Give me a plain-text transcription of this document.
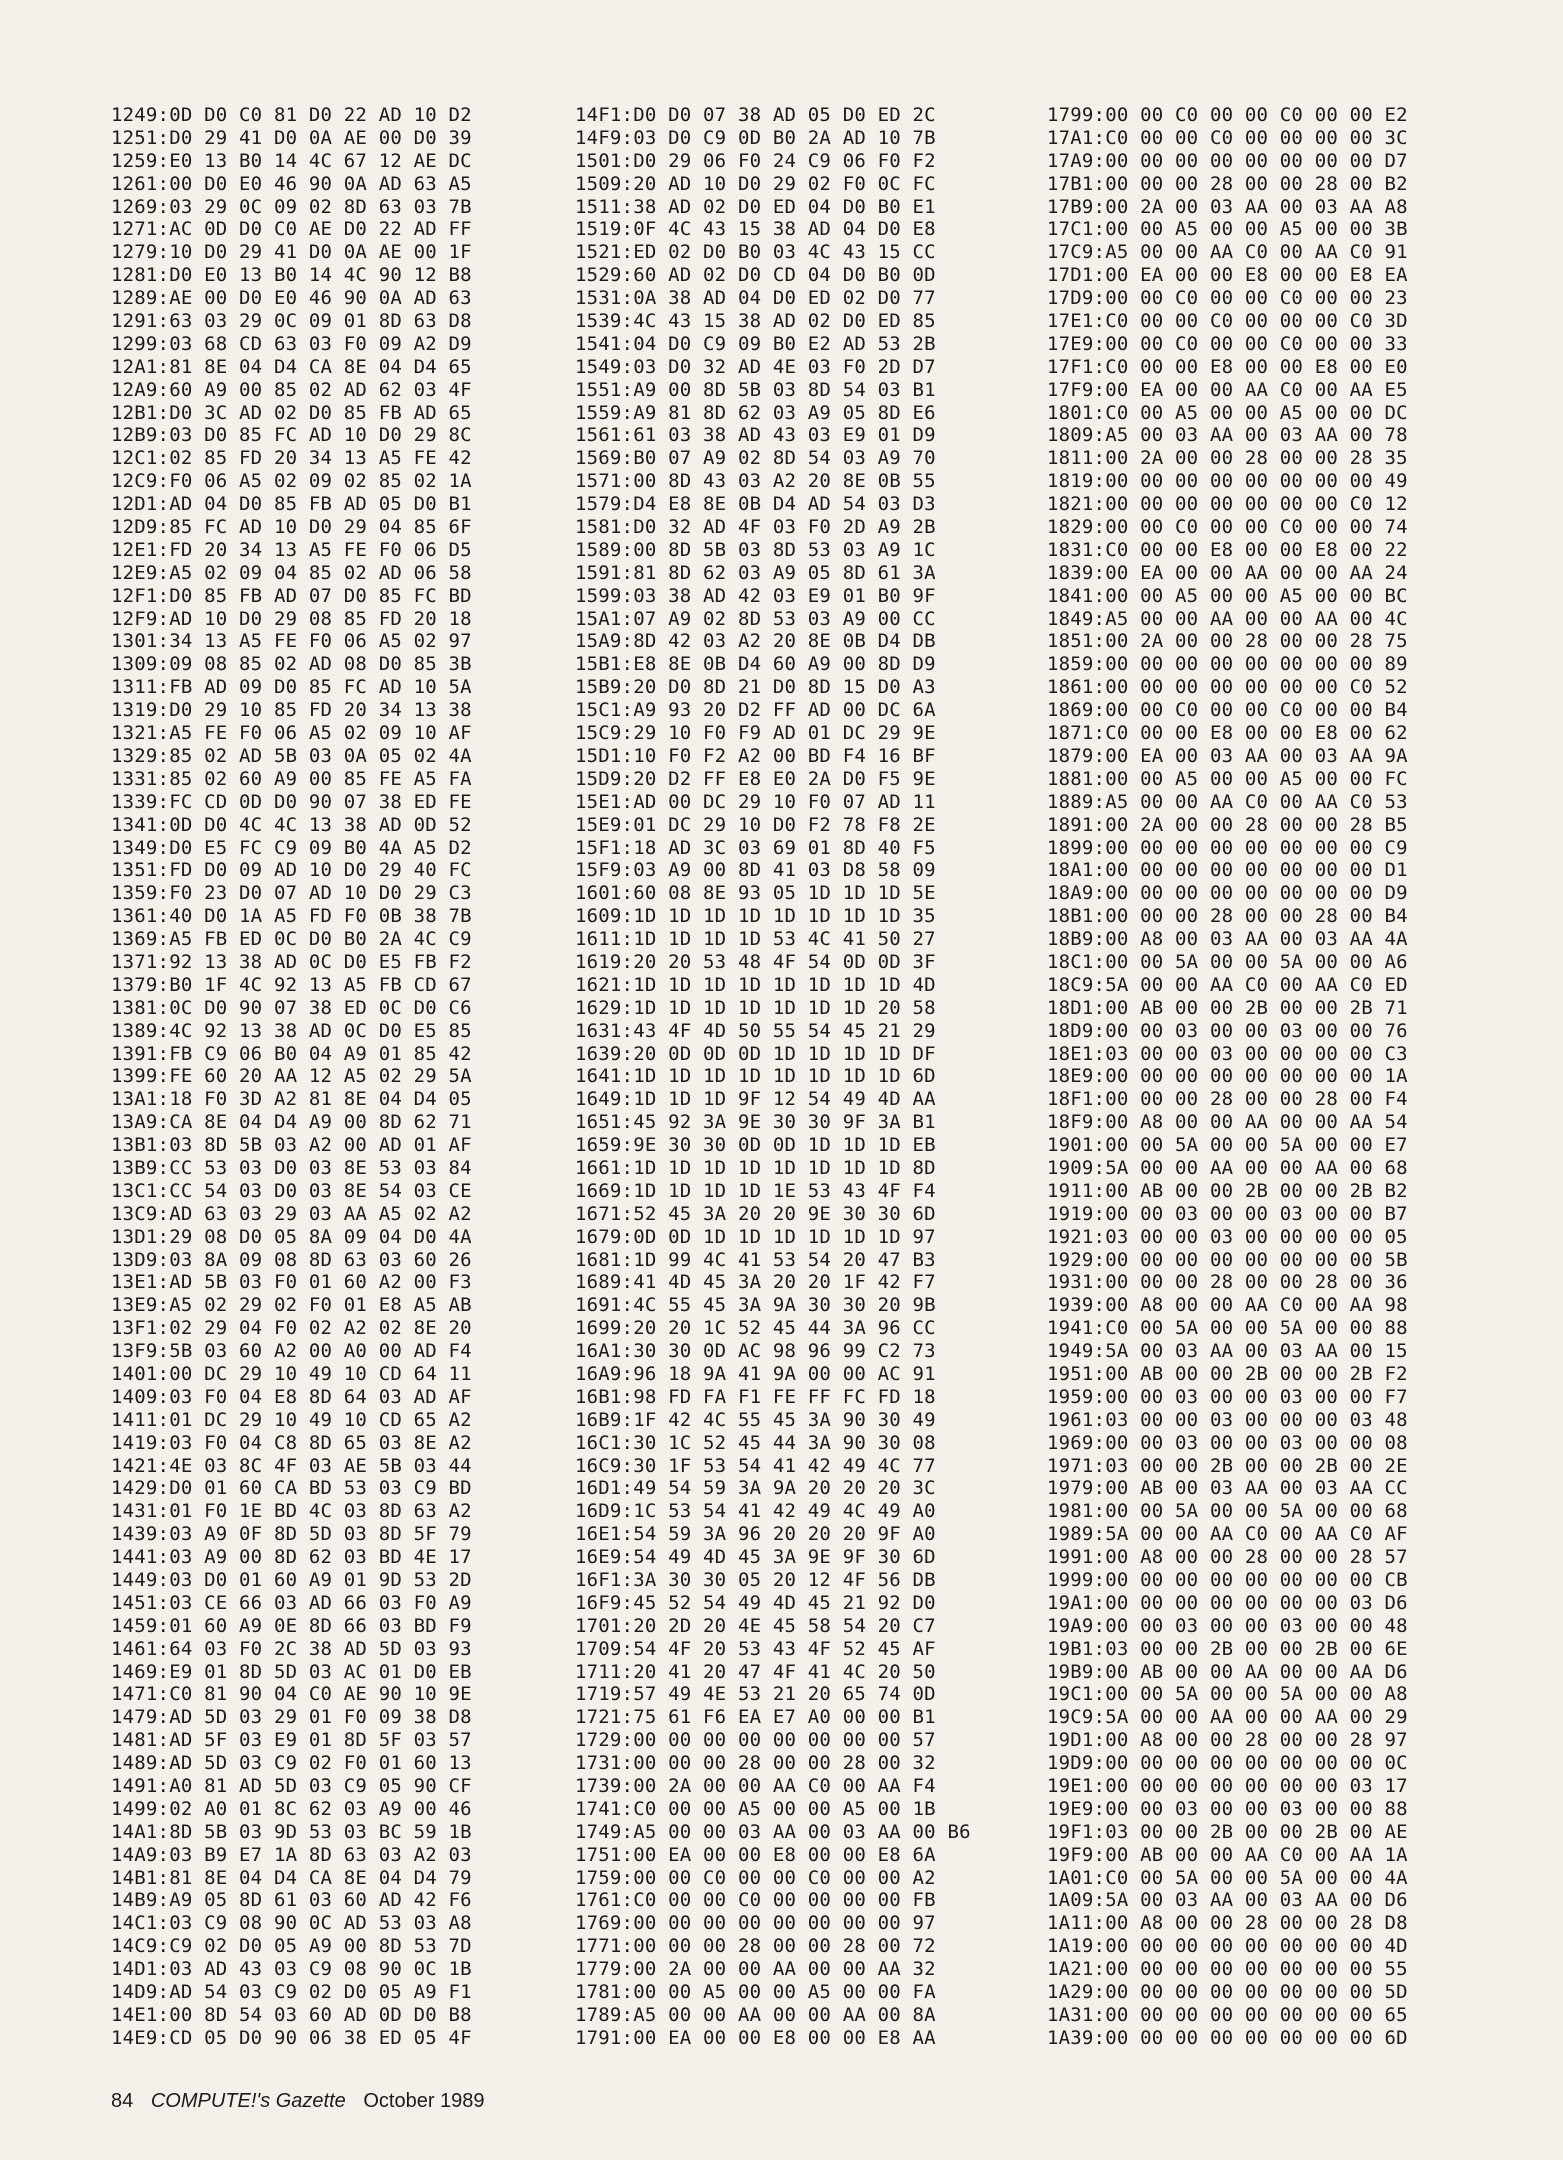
1249:0D D0 C0 81 D0 22 AD 10 D2
1251:D0 29 41 D0 0A AE 00 D0 39
1259:E0 13 B0 14 4C 67 12 AE DC
1261:00 D0 E0 46 90 0A AD 63 A5
1269:03 29 0C 09 02 8D 63 03 7B
1271:AC 0D D0 C0 AE D0 22 AD FF
1279:10 D0 29 41 D0 0A AE 00 1F
1281:D0 E0 13 B0 14 4C 90 12 B8
1289:AE 00 D0 E0 46 90 0A AD 63
1291:63 03 29 0C 09 01 8D 63 D8
1299:03 68 CD 63 03 F0 09 A2 D9
12A1:81 8E 04 D4 CA 8E 04 D4 65
12A9:60 A9 00 85 02 AD 62 03 4F
12B1:D0 3C AD 02 D0 85 FB AD 65
12B9:03 D0 85 FC AD 10 D0 29 8C
12C1:02 85 FD 20 34 13 A5 FE 42
12C9:F0 06 A5 02 09 02 85 02 1A
12D1:AD 04 D0 85 FB AD 05 D0 B1
12D9:85 FC AD 10 D0 29 04 85 6F
12E1:FD 20 34 13 A5 FE F0 06 D5
12E9:A5 02 09 04 85 02 AD 06 58
12F1:D0 85 FB AD 07 D0 85 FC BD
12F9:AD 10 D0 29 08 85 FD 20 18
1301:34 13 A5 FE F0 06 A5 02 97
1309:09 08 85 02 AD 08 D0 85 3B
1311:FB AD 09 D0 85 FC AD 10 5A
1319:D0 29 10 85 FD 20 34 13 38
1321:A5 FE F0 06 A5 02 09 10 AF
1329:85 02 AD 5B 03 0A 05 02 4A
1331:85 02 60 A9 00 85 FE A5 FA
1339:FC CD 0D D0 90 07 38 ED FE
1341:0D D0 4C 4C 13 38 AD 0D 52
1349:D0 E5 FC C9 09 B0 4A A5 D2
1351:FD D0 09 AD 10 D0 29 40 FC
1359:F0 23 D0 07 AD 10 D0 29 C3
1361:40 D0 1A A5 FD F0 0B 38 7B
1369:A5 FB ED 0C D0 B0 2A 4C C9
1371:92 13 38 AD 0C D0 E5 FB F2
1379:B0 1F 4C 92 13 A5 FB CD 67
1381:0C D0 90 07 38 ED 0C D0 C6
1389:4C 92 13 38 AD 0C D0 E5 85
1391:FB C9 06 B0 04 A9 01 85 42
1399:FE 60 20 AA 12 A5 02 29 5A
13A1:18 F0 3D A2 81 8E 04 D4 05
13A9:CA 8E 04 D4 A9 00 8D 62 71
13B1:03 8D 5B 03 A2 00 AD 01 AF
13B9:CC 53 03 D0 03 8E 53 03 84
13C1:CC 54 03 D0 03 8E 54 03 CE
13C9:AD 63 03 29 03 AA A5 02 A2
13D1:29 08 D0 05 8A 09 04 D0 4A
13D9:03 8A 09 08 8D 63 03 60 26
13E1:AD 5B 03 F0 01 60 A2 00 F3
13E9:A5 02 29 02 F0 01 E8 A5 AB
13F1:02 29 04 F0 02 A2 02 8E 20
13F9:5B 03 60 A2 00 A0 00 AD F4
1401:00 DC 29 10 49 10 CD 64 11
1409:03 F0 04 E8 8D 64 03 AD AF
1411:01 DC 29 10 49 10 CD 65 A2
1419:03 F0 04 C8 8D 65 03 8E A2
1421:4E 03 8C 4F 03 AE 5B 03 44
1429:D0 01 60 CA BD 53 03 C9 BD
1431:01 F0 1E BD 4C 03 8D 63 A2
1439:03 A9 0F 8D 5D 03 8D 5F 79
1441:03 A9 00 8D 62 03 BD 4E 17
1449:03 D0 01 60 A9 01 9D 53 2D
1451:03 CE 66 03 AD 66 03 F0 A9
1459:01 60 A9 0E 8D 66 03 BD F9
1461:64 03 F0 2C 38 AD 5D 03 93
1469:E9 01 8D 5D 03 AC 01 D0 EB
1471:C0 81 90 04 C0 AE 90 10 9E
1479:AD 5D 03 29 01 F0 09 38 D8
1481:AD 5F 03 E9 01 8D 5F 03 57
1489:AD 5D 03 C9 02 F0 01 60 13
1491:A0 81 AD 5D 03 C9 05 90 CF
1499:02 A0 01 8C 62 03 A9 00 46
14A1:8D 5B 03 9D 53 03 BC 59 1B
14A9:03 B9 E7 1A 8D 63 03 A2 03
14B1:81 8E 04 D4 CA 8E 04 D4 79
14B9:A9 05 8D 61 03 60 AD 42 F6
14C1:03 C9 08 90 0C AD 53 03 A8
14C9:C9 02 D0 05 A9 00 8D 53 7D
14D1:03 AD 43 03 C9 08 90 0C 1B
14D9:AD 54 03 C9 02 D0 05 A9 F1
14E1:00 8D 54 03 60 AD 0D D0 B8
14E9:CD 05 D0 90 06 38 ED 05 4F
14F1:D0 D0 07 38 AD 05 D0 ED 2C
14F9:03 D0 C9 0D B0 2A AD 10 7B
1501:D0 29 06 F0 24 C9 06 F0 F2
1509:20 AD 10 D0 29 02 F0 0C FC
1511:38 AD 02 D0 ED 04 D0 B0 E1
1519:0F 4C 43 15 38 AD 04 D0 E8
1521:ED 02 D0 B0 03 4C 43 15 CC
1529:60 AD 02 D0 CD 04 D0 B0 0D
1531:0A 38 AD 04 D0 ED 02 D0 77
1539:4C 43 15 38 AD 02 D0 ED 85
1541:04 D0 C9 09 B0 E2 AD 53 2B
1549:03 D0 32 AD 4E 03 F0 2D D7
1551:A9 00 8D 5B 03 8D 54 03 B1
1559:A9 81 8D 62 03 A9 05 8D E6
1561:61 03 38 AD 43 03 E9 01 D9
1569:B0 07 A9 02 8D 54 03 A9 70
1571:00 8D 43 03 A2 20 8E 0B 55
1579:D4 E8 8E 0B D4 AD 54 03 D3
1581:D0 32 AD 4F 03 F0 2D A9 2B
1589:00 8D 5B 03 8D 53 03 A9 1C
1591:81 8D 62 03 A9 05 8D 61 3A
1599:03 38 AD 42 03 E9 01 B0 9F
15A1:07 A9 02 8D 53 03 A9 00 CC
15A9:8D 42 03 A2 20 8E 0B D4 DB
15B1:E8 8E 0B D4 60 A9 00 8D D9
15B9:20 D0 8D 21 D0 8D 15 D0 A3
15C1:A9 93 20 D2 FF AD 00 DC 6A
15C9:29 10 F0 F9 AD 01 DC 29 9E
15D1:10 F0 F2 A2 00 BD F4 16 BF
15D9:20 D2 FF E8 E0 2A D0 F5 9E
15E1:AD 00 DC 29 10 F0 07 AD 11
15E9:01 DC 29 10 D0 F2 78 F8 2E
15F1:18 AD 3C 03 69 01 8D 40 F5
15F9:03 A9 00 8D 41 03 D8 58 09
1601:60 08 8E 93 05 1D 1D 1D 5E
1609:1D 1D 1D 1D 1D 1D 1D 1D 35
1611:1D 1D 1D 1D 53 4C 41 50 27
1619:20 20 53 48 4F 54 0D 0D 3F
1621:1D 1D 1D 1D 1D 1D 1D 1D 4D
1629:1D 1D 1D 1D 1D 1D 1D 20 58
1631:43 4F 4D 50 55 54 45 21 29
1639:20 0D 0D 0D 1D 1D 1D 1D DF
1641:1D 1D 1D 1D 1D 1D 1D 1D 6D
1649:1D 1D 1D 9F 12 54 49 4D AA
1651:45 92 3A 9E 30 30 9F 3A B1
1659:9E 30 30 0D 0D 1D 1D 1D EB
1661:1D 1D 1D 1D 1D 1D 1D 1D 8D
1669:1D 1D 1D 1D 1E 53 43 4F F4
1671:52 45 3A 20 20 9E 30 30 6D
1679:0D 0D 1D 1D 1D 1D 1D 1D 97
1681:1D 99 4C 41 53 54 20 47 B3
1689:41 4D 45 3A 20 20 1F 42 F7
1691:4C 55 45 3A 9A 30 30 20 9B
1699:20 20 1C 52 45 44 3A 96 CC
16A1:30 30 0D AC 98 96 99 C2 73
16A9:96 18 9A 41 9A 00 00 AC 91
16B1:98 FD FA F1 FE FF FC FD 18
16B9:1F 42 4C 55 45 3A 90 30 49
16C1:30 1C 52 45 44 3A 90 30 08
16C9:30 1F 53 54 41 42 49 4C 77
16D1:49 54 59 3A 9A 20 20 20 3C
16D9:1C 53 54 41 42 49 4C 49 A0
16E1:54 59 3A 96 20 20 20 9F A0
16E9:54 49 4D 45 3A 9E 9F 30 6D
16F1:3A 30 30 05 20 12 4F 56 DB
16F9:45 52 54 49 4D 45 21 92 D0
1701:20 2D 20 4E 45 58 54 20 C7
1709:54 4F 20 53 43 4F 52 45 AF
1711:20 41 20 47 4F 41 4C 20 50
1719:57 49 4E 53 21 20 65 74 0D
1721:75 61 F6 EA E7 A0 00 00 B1
1729:00 00 00 00 00 00 00 00 57
1731:00 00 00 28 00 00 28 00 32
1739:00 2A 00 00 AA C0 00 AA F4
1741:C0 00 00 A5 00 00 A5 00 1B
1749:A5 00 00 03 AA 00 03 AA 00 B6
1751:00 EA 00 00 E8 00 00 E8 6A
1759:00 00 C0 00 00 C0 00 00 A2
1761:C0 00 00 C0 00 00 00 00 FB
1769:00 00 00 00 00 00 00 00 97
1771:00 00 00 28 00 00 28 00 72
1779:00 2A 00 00 AA 00 00 AA 32
1781:00 00 A5 00 00 A5 00 00 FA
1789:A5 00 00 AA 00 00 AA 00 8A
1791:00 EA 00 00 E8 00 00 E8 AA
1799:00 00 C0 00 00 C0 00 00 E2
17A1:C0 00 00 C0 00 00 00 00 3C
17A9:00 00 00 00 00 00 00 00 D7
17B1:00 00 00 28 00 00 28 00 B2
17B9:00 2A 00 03 AA 00 03 AA A8
17C1:00 00 A5 00 00 A5 00 00 3B
17C9:A5 00 00 AA C0 00 AA C0 91
17D1:00 EA 00 00 E8 00 00 E8 EA
17D9:00 00 C0 00 00 C0 00 00 23
17E1:C0 00 00 C0 00 00 00 C0 3D
17E9:00 00 C0 00 00 C0 00 00 33
17F1:C0 00 00 E8 00 00 E8 00 E0
17F9:00 EA 00 00 AA C0 00 AA E5
1801:C0 00 A5 00 00 A5 00 00 DC
1809:A5 00 03 AA 00 03 AA 00 78
1811:00 2A 00 00 28 00 00 28 35
1819:00 00 00 00 00 00 00 00 49
1821:00 00 00 00 00 00 00 C0 12
1829:00 00 C0 00 00 C0 00 00 74
1831:C0 00 00 E8 00 00 E8 00 22
1839:00 EA 00 00 AA 00 00 AA 24
1841:00 00 A5 00 00 A5 00 00 BC
1849:A5 00 00 AA 00 00 AA 00 4C
1851:00 2A 00 00 28 00 00 28 75
1859:00 00 00 00 00 00 00 00 89
1861:00 00 00 00 00 00 00 C0 52
1869:00 00 C0 00 00 C0 00 00 B4
1871:C0 00 00 E8 00 00 E8 00 62
1879:00 EA 00 03 AA 00 03 AA 9A
1881:00 00 A5 00 00 A5 00 00 FC
1889:A5 00 00 AA C0 00 AA C0 53
1891:00 2A 00 00 28 00 00 28 B5
1899:00 00 00 00 00 00 00 00 C9
18A1:00 00 00 00 00 00 00 00 D1
18A9:00 00 00 00 00 00 00 00 D9
18B1:00 00 00 28 00 00 28 00 B4
18B9:00 A8 00 03 AA 00 03 AA 4A
18C1:00 00 5A 00 00 5A 00 00 A6
18C9:5A 00 00 AA C0 00 AA C0 ED
18D1:00 AB 00 00 2B 00 00 2B 71
18D9:00 00 03 00 00 03 00 00 76
18E1:03 00 00 03 00 00 00 00 C3
18E9:00 00 00 00 00 00 00 00 1A
18F1:00 00 00 28 00 00 28 00 F4
18F9:00 A8 00 00 AA 00 00 AA 54
1901:00 00 5A 00 00 5A 00 00 E7
1909:5A 00 00 AA 00 00 AA 00 68
1911:00 AB 00 00 2B 00 00 2B B2
1919:00 00 03 00 00 03 00 00 B7
1921:03 00 00 03 00 00 00 00 05
1929:00 00 00 00 00 00 00 00 5B
1931:00 00 00 28 00 00 28 00 36
1939:00 A8 00 00 AA C0 00 AA 98
1941:C0 00 5A 00 00 5A 00 00 88
1949:5A 00 03 AA 00 03 AA 00 15
1951:00 AB 00 00 2B 00 00 2B F2
1959:00 00 03 00 00 03 00 00 F7
1961:03 00 00 03 00 00 00 03 48
1969:00 00 03 00 00 03 00 00 08
1971:03 00 00 2B 00 00 2B 00 2E
1979:00 AB 00 03 AA 00 03 AA CC
1981:00 00 5A 00 00 5A 00 00 68
1989:5A 00 00 AA C0 00 AA C0 AF
1991:00 A8 00 00 28 00 00 28 57
1999:00 00 00 00 00 00 00 00 CB
19A1:00 00 00 00 00 00 00 03 D6
19A9:00 00 03 00 00 03 00 00 48
19B1:03 00 00 2B 00 00 2B 00 6E
19B9:00 AB 00 00 AA 00 00 AA D6
19C1:00 00 5A 00 00 5A 00 00 A8
19C9:5A 00 00 AA 00 00 AA 00 29
19D1:00 A8 00 00 28 00 00 28 97
19D9:00 00 00 00 00 00 00 00 0C
19E1:00 00 00 00 00 00 00 03 17
19E9:00 00 03 00 00 03 00 00 88
19F1:03 00 00 2B 00 00 2B 00 AE
19F9:00 AB 00 00 AA C0 00 AA 1A
1A01:C0 00 5A 00 00 5A 00 00 4A
1A09:5A 00 03 AA 00 03 AA 00 D6
1A11:00 A8 00 00 28 00 00 28 D8
1A19:00 00 00 00 00 00 00 00 4D
1A21:00 00 00 00 00 00 00 00 55
1A29:00 00 00 00 00 00 00 00 5D
1A31:00 00 00 00 00 00 00 00 65
1A39:00 00 00 00 00 00 00 00 6D
84 COMPUTE!'s Gazette October 1989
